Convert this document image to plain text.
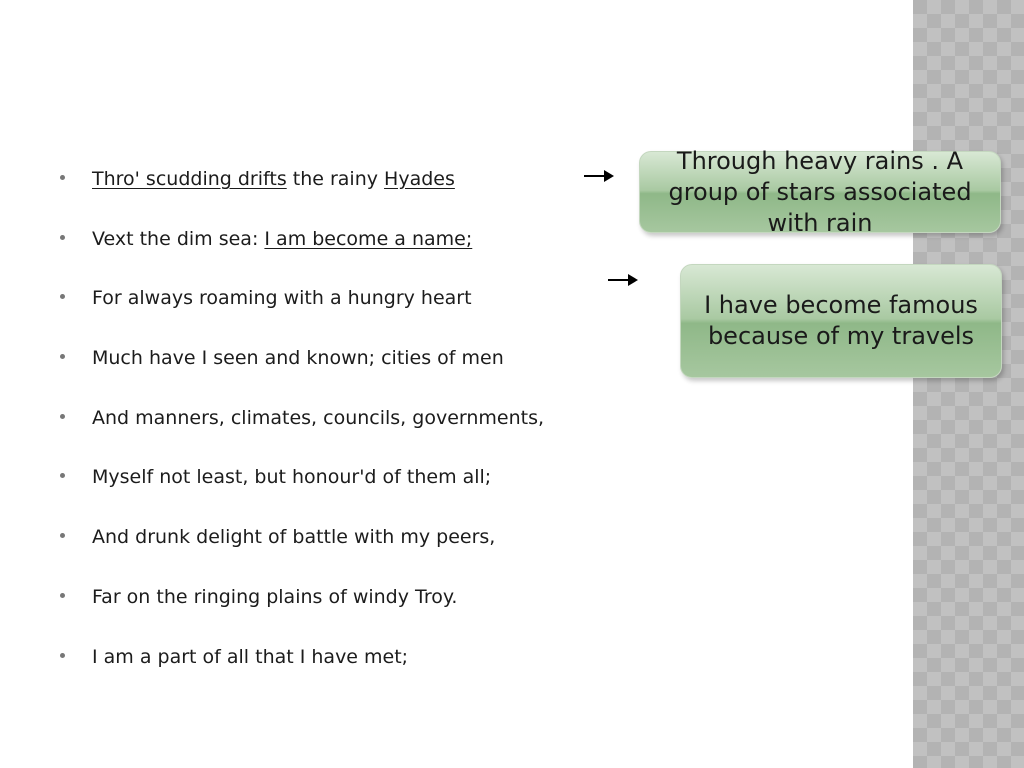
Thro' scudding drifts the rainy Hyades
Vext the dim sea: I am become a name;
For always roaming with a hungry heart
Much have I seen and known; cities of men
And manners, climates, councils, governments,
Myself not least, but honour'd of them all;
And drunk delight of battle with my peers,
Far on the ringing plains of windy Troy.
I am a part of all that I have met;
Through heavy rains . A
group of stars associated
with rain
I have become famous
because of my travels
